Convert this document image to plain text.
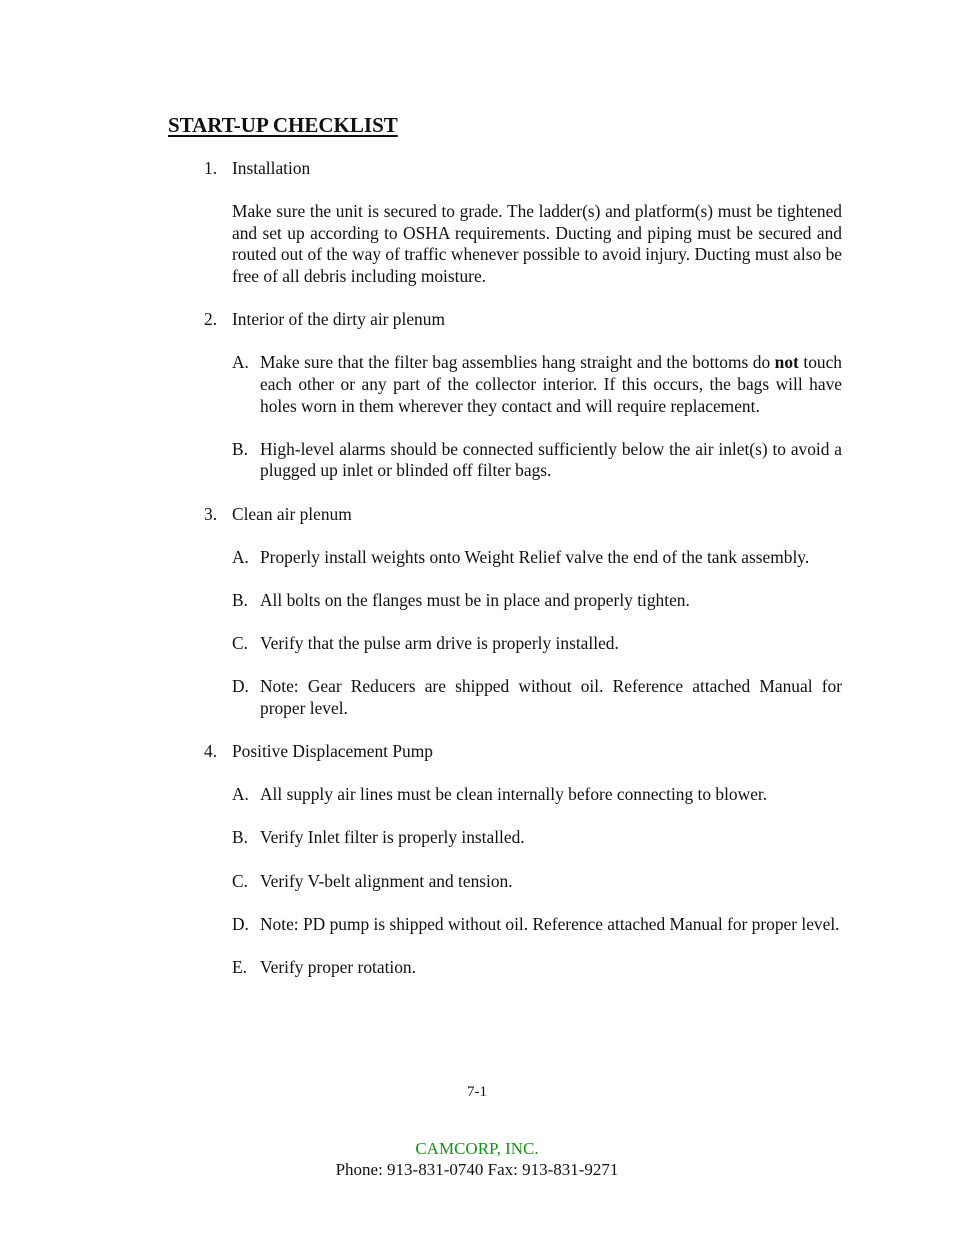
START-UP CHECKLIST
1. Installation
Make sure the unit is secured to grade. The ladder(s) and platform(s) must be tightened and set up according to OSHA requirements. Ducting and piping must be secured and routed out of the way of traffic whenever possible to avoid injury. Ducting must also be free of all debris including moisture.
2. Interior of the dirty air plenum
A. Make sure that the filter bag assemblies hang straight and the bottoms do not touch each other or any part of the collector interior. If this occurs, the bags will have holes worn in them wherever they contact and will require replacement.
B. High-level alarms should be connected sufficiently below the air inlet(s) to avoid a plugged up inlet or blinded off filter bags.
3. Clean air plenum
A. Properly install weights onto Weight Relief valve the end of the tank assembly.
B. All bolts on the flanges must be in place and properly tighten.
C. Verify that the pulse arm drive is properly installed.
D. Note: Gear Reducers are shipped without oil. Reference attached Manual for proper level.
4. Positive Displacement Pump
A. All supply air lines must be clean internally before connecting to blower.
B. Verify Inlet filter is properly installed.
C. Verify V-belt alignment and tension.
D. Note: PD pump is shipped without oil. Reference attached Manual for proper level.
E. Verify proper rotation.
7-1
CAMCORP, INC.
Phone: 913-831-0740 Fax: 913-831-9271
